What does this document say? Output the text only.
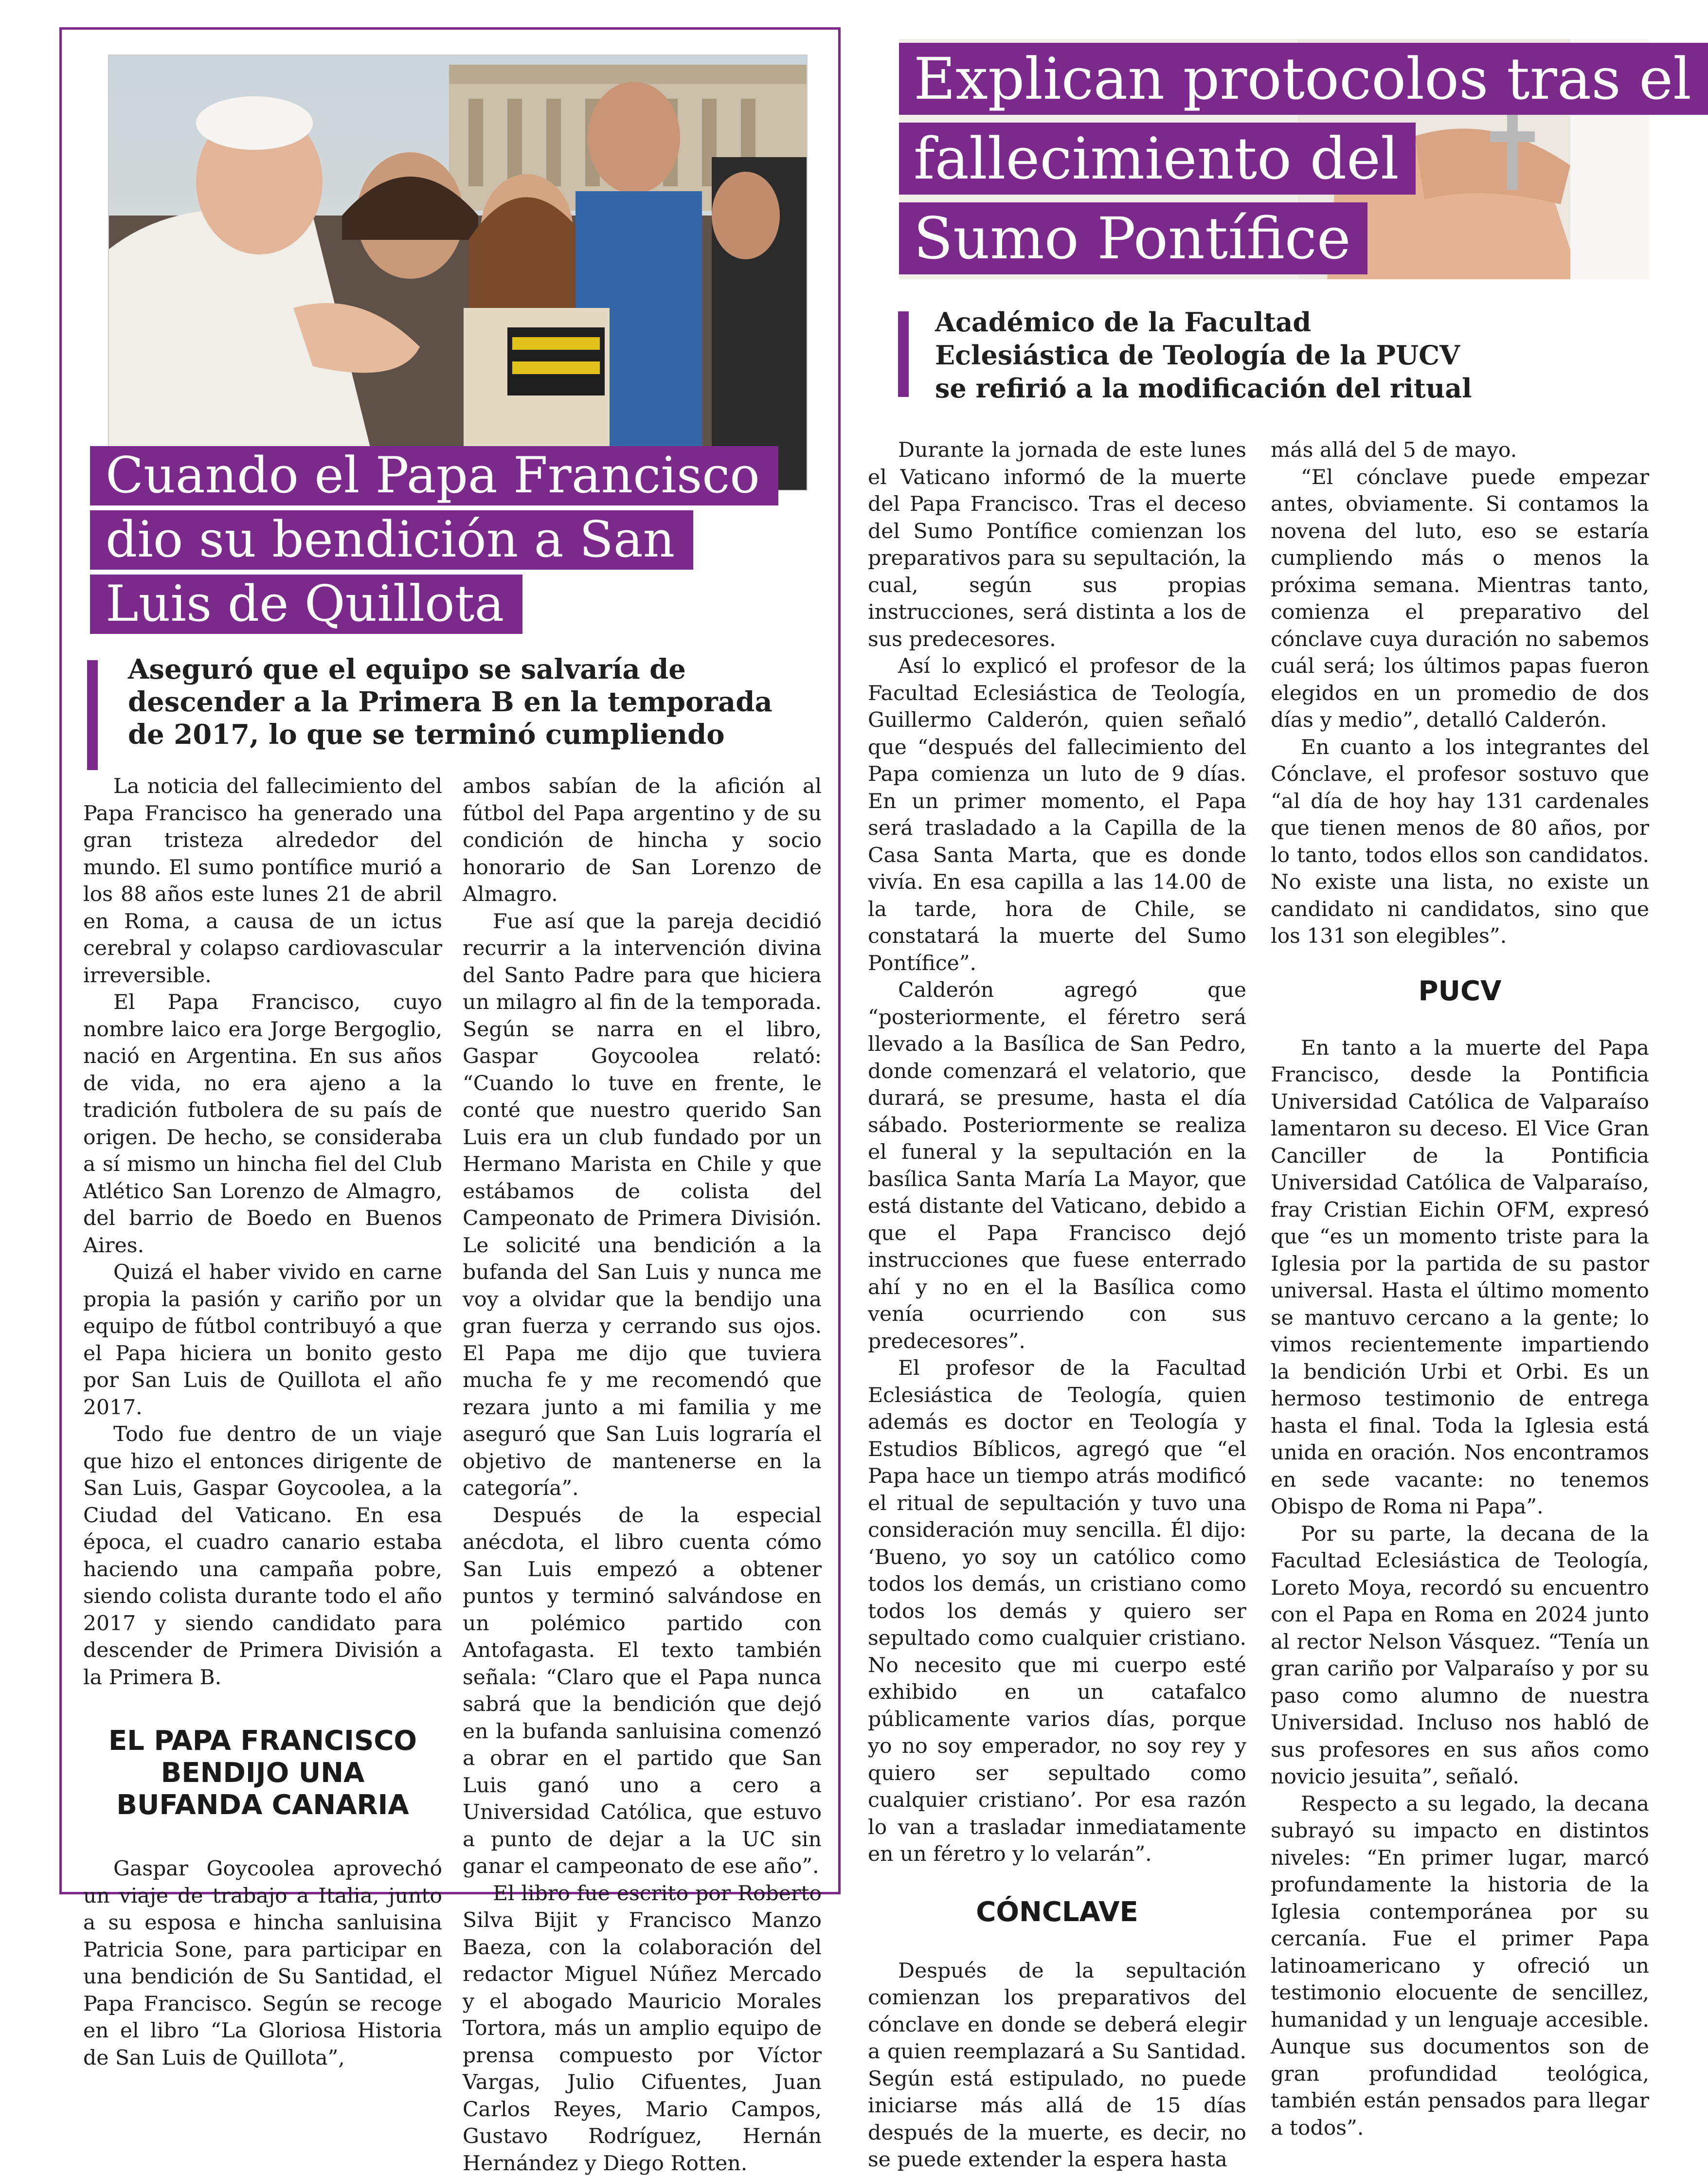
Cuando el Papa Francisco
dio su bendición a San
Luis de Quillota
Aseguró que el equipo se salvaría de
descender a la Primera B en la temporada
de 2017, lo que se terminó cumpliendo

La noticia del fallecimiento del Papa Francisco ha generado una gran tristeza alrededor del mundo. El sumo pontífice murió a los 88 años este lunes 21 de abril en Roma, a causa de un ictus cerebral y colapso cardiovascular irreversible.

El Papa Francisco, cuyo nombre laico era Jorge Bergoglio, nació en Argentina. En sus años de vida, no era ajeno a la tradición futbolera de su país de origen. De hecho, se consideraba a sí mismo un hincha fiel del Club Atlético San Lorenzo de Almagro, del barrio de Boedo en Buenos Aires.

Quizá el haber vivido en carne propia la pasión y cariño por un equipo de fútbol contribuyó a que el Papa hiciera un bonito gesto por San Luis de Quillota el año 2017.

Todo fue dentro de un viaje que hizo el entonces dirigente de San Luis, Gaspar Goycoolea, a la Ciudad del Vaticano. En esa época, el cuadro canario estaba haciendo una campaña pobre, siendo colista durante todo el año 2017 y siendo candidato para descender de Primera División a la Primera B.

EL PAPA FRANCISCO
BENDIJO UNA
BUFANDA CANARIA

Gaspar Goycoolea aprovechó un viaje de trabajo a Italia, junto a su esposa e hincha sanluisina Patricia Sone, para participar en una bendición de Su Santidad, el Papa Francisco. Según se recoge en el libro “La Gloriosa Historia de San Luis de Quillota”,

ambos sabían de la afición al fútbol del Papa argentino y de su condición de hincha y socio honorario de San Lorenzo de Almagro.

Fue así que la pareja decidió recurrir a la intervención divina del Santo Padre para que hiciera un milagro al fin de la temporada. Según se narra en el libro, Gaspar Goycoolea relató: “Cuando lo tuve en frente, le conté que nuestro querido San Luis era un club fundado por un Hermano Marista en Chile y que estábamos de colista del Campeonato de Primera División. Le solicité una bendición a la bufanda del San Luis y nunca me voy a olvidar que la bendijo una gran fuerza y cerrando sus ojos. El Papa me dijo que tuviera mucha fe y me recomendó que rezara junto a mi familia y me aseguró que San Luis lograría el objetivo de mantenerse en la categoría”.

Después de la especial anécdota, el libro cuenta cómo San Luis empezó a obtener puntos y terminó salvándose en un polémico partido con Antofagasta. El texto también señala: “Claro que el Papa nunca sabrá que la bendición que dejó en la bufanda sanluisina comenzó a obrar en el partido que San Luis ganó uno a cero a Universidad Católica, que estuvo a punto de dejar a la UC sin ganar el campeonato de ese año”.

El libro fue escrito por Roberto Silva Bijit y Francisco Manzo Baeza, con la colaboración del redactor Miguel Núñez Mercado y el abogado Mauricio Morales Tortora, más un amplio equipo de prensa compuesto por Víctor Vargas, Julio Cifuentes, Juan Carlos Reyes, Mario Campos, Gustavo Rodríguez, Hernán Hernández y Diego Rotten.

Explican protocolos tras el
fallecimiento del
Sumo Pontífice
Académico de la Facultad
Eclesiástica de Teología de la PUCV
se refirió a la modificación del ritual

Durante la jornada de este lunes el Vaticano informó de la muerte del Papa Francisco. Tras el deceso del Sumo Pontífice comienzan los preparativos para su sepultación, la cual, según sus propias instrucciones, será distinta a los de sus predecesores.

Así lo explicó el profesor de la Facultad Eclesiástica de Teología, Guillermo Calderón, quien señaló que “después del fallecimiento del Papa comienza un luto de 9 días. En un primer momento, el Papa será trasladado a la Capilla de la Casa Santa Marta, que es donde vivía. En esa capilla a las 14.00 de la tarde, hora de Chile, se constatará la muerte del Sumo Pontífice”.

Calderón agregó que “posteriormente, el féretro será llevado a la Basílica de San Pedro, donde comenzará el velatorio, que durará, se presume, hasta el día sábado. Posteriormente se realiza el funeral y la sepultación en la basílica Santa María La Mayor, que está distante del Vaticano, debido a que el Papa Francisco dejó instrucciones que fuese enterrado ahí y no en el la Basílica como venía ocurriendo con sus predecesores”.

El profesor de la Facultad Eclesiástica de Teología, quien además es doctor en Teología y Estudios Bíblicos, agregó que “el Papa hace un tiempo atrás modificó el ritual de sepultación y tuvo una consideración muy sencilla. Él dijo: ‘Bueno, yo soy un católico como todos los demás, un cristiano como todos los demás y quiero ser sepultado como cualquier cristiano. No necesito que mi cuerpo esté exhibido en un catafalco públicamente varios días, porque yo no soy emperador, no soy rey y quiero ser sepultado como cualquier cristiano’. Por esa razón lo van a trasladar inmediatamente en un féretro y lo velarán”.

CÓNCLAVE

Después de la sepultación comienzan los preparativos del cónclave en donde se deberá elegir a quien reemplazará a Su Santidad. Según está estipulado, no puede iniciarse más allá de 15 días después de la muerte, es decir, no se puede extender la espera hasta

más allá del 5 de mayo.

“El cónclave puede empezar antes, obviamente. Si contamos la novena del luto, eso se estaría cumpliendo más o menos la próxima semana. Mientras tanto, comienza el preparativo del cónclave cuya duración no sabemos cuál será; los últimos papas fueron elegidos en un promedio de dos días y medio”, detalló Calderón.

En cuanto a los integrantes del Cónclave, el profesor sostuvo que “al día de hoy hay 131 cardenales que tienen menos de 80 años, por lo tanto, todos ellos son candidatos. No existe una lista, no existe un candidato ni candidatos, sino que los 131 son elegibles”.

PUCV

En tanto a la muerte del Papa Francisco, desde la Pontificia Universidad Católica de Valparaíso lamentaron su deceso. El Vice Gran Canciller de la Pontificia Universidad Católica de Valparaíso, fray Cristian Eichin OFM, expresó que “es un momento triste para la Iglesia por la partida de su pastor universal. Hasta el último momento se mantuvo cercano a la gente; lo vimos recientemente impartiendo la bendición Urbi et Orbi. Es un hermoso testimonio de entrega hasta el final. Toda la Iglesia está unida en oración. Nos encontramos en sede vacante: no tenemos Obispo de Roma ni Papa”.

Por su parte, la decana de la Facultad Eclesiástica de Teología, Loreto Moya, recordó su encuentro con el Papa en Roma en 2024 junto al rector Nelson Vásquez. “Tenía un gran cariño por Valparaíso y por su paso como alumno de nuestra Universidad. Incluso nos habló de sus profesores en sus años como novicio jesuita”, señaló.

Respecto a su legado, la decana subrayó su impacto en distintos niveles: “En primer lugar, marcó profundamente la historia de la Iglesia contemporánea por su cercanía. Fue el primer Papa latinoamericano y ofreció un testimonio elocuente de sencillez, humanidad y un lenguaje accesible. Aunque sus documentos son de gran profundidad teológica, también están pensados para llegar a todos”.
